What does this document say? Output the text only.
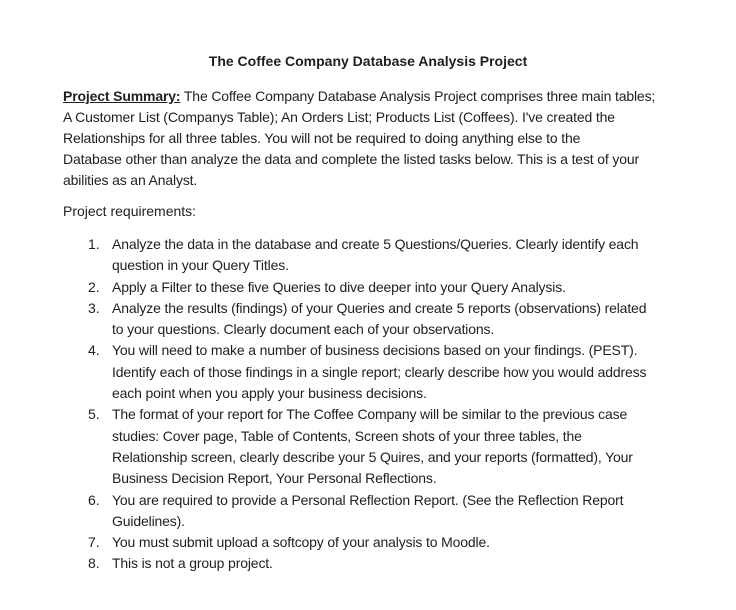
The Coffee Company Database Analysis Project
Project Summary: The Coffee Company Database Analysis Project comprises three main tables;
A Customer List (Companys Table); An Orders List; Products List (Coffees). I've created the
Relationships for all three tables. You will not be required to doing anything else to the
Database other than analyze the data and complete the listed tasks below. This is a test of your
abilities as an Analyst.
Project requirements:
1. Analyze the data in the database and create 5 Questions/Queries. Clearly identify each
question in your Query Titles.
2. Apply a Filter to these five Queries to dive deeper into your Query Analysis.
3. Analyze the results (findings) of your Queries and create 5 reports (observations) related
to your questions. Clearly document each of your observations.
4. You will need to make a number of business decisions based on your findings. (PEST).
Identify each of those findings in a single report; clearly describe how you would address
each point when you apply your business decisions.
5. The format of your report for The Coffee Company will be similar to the previous case
studies: Cover page, Table of Contents, Screen shots of your three tables, the
Relationship screen, clearly describe your 5 Quires, and your reports (formatted), Your
Business Decision Report, Your Personal Reflections.
6. You are required to provide a Personal Reflection Report. (See the Reflection Report
Guidelines).
7. You must submit upload a softcopy of your analysis to Moodle.
8. This is not a group project.
